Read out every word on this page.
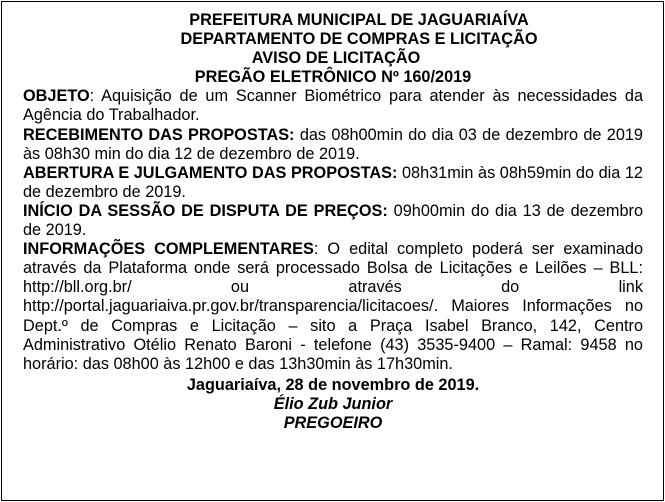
PREFEITURA MUNICIPAL DE JAGUARIAÍVA
DEPARTAMENTO DE COMPRAS E LICITAÇÃO
AVISO DE LICITAÇÃO
PREGÃO ELETRÔNICO Nº 160/2019

OBJETO: Aquisição de um Scanner Biométrico para atender às necessidades da Agência do Trabalhador.

RECEBIMENTO DAS PROPOSTAS: das 08h00min do dia 03 de dezembro de 2019 às 08h30 min do dia 12 de dezembro de 2019.

ABERTURA E JULGAMENTO DAS PROPOSTAS: 08h31min às 08h59min do dia 12 de dezembro de 2019.

INÍCIO DA SESSÃO DE DISPUTA DE PREÇOS: 09h00min do dia 13 de dezembro de 2019.

INFORMAÇÕES COMPLEMENTARES: O edital completo poderá ser examinado através da Plataforma onde será processado Bolsa de Licitações e Leilões – BLL: http://bll.org.br/ ou através do link http://portal.jaguariaiva.pr.gov.br/transparencia/licitacoes/. Maiores Informações no Dept.º de Compras e Licitação – sito a Praça Isabel Branco, 142, Centro Administrativo Otélio Renato Baroni - telefone (43) 3535-9400 – Ramal: 9458 no horário: das 08h00 às 12h00 e das 13h30min às 17h30min.

Jaguariaíva, 28 de novembro de 2019.
Élio Zub Junior
PREGOEIRO
